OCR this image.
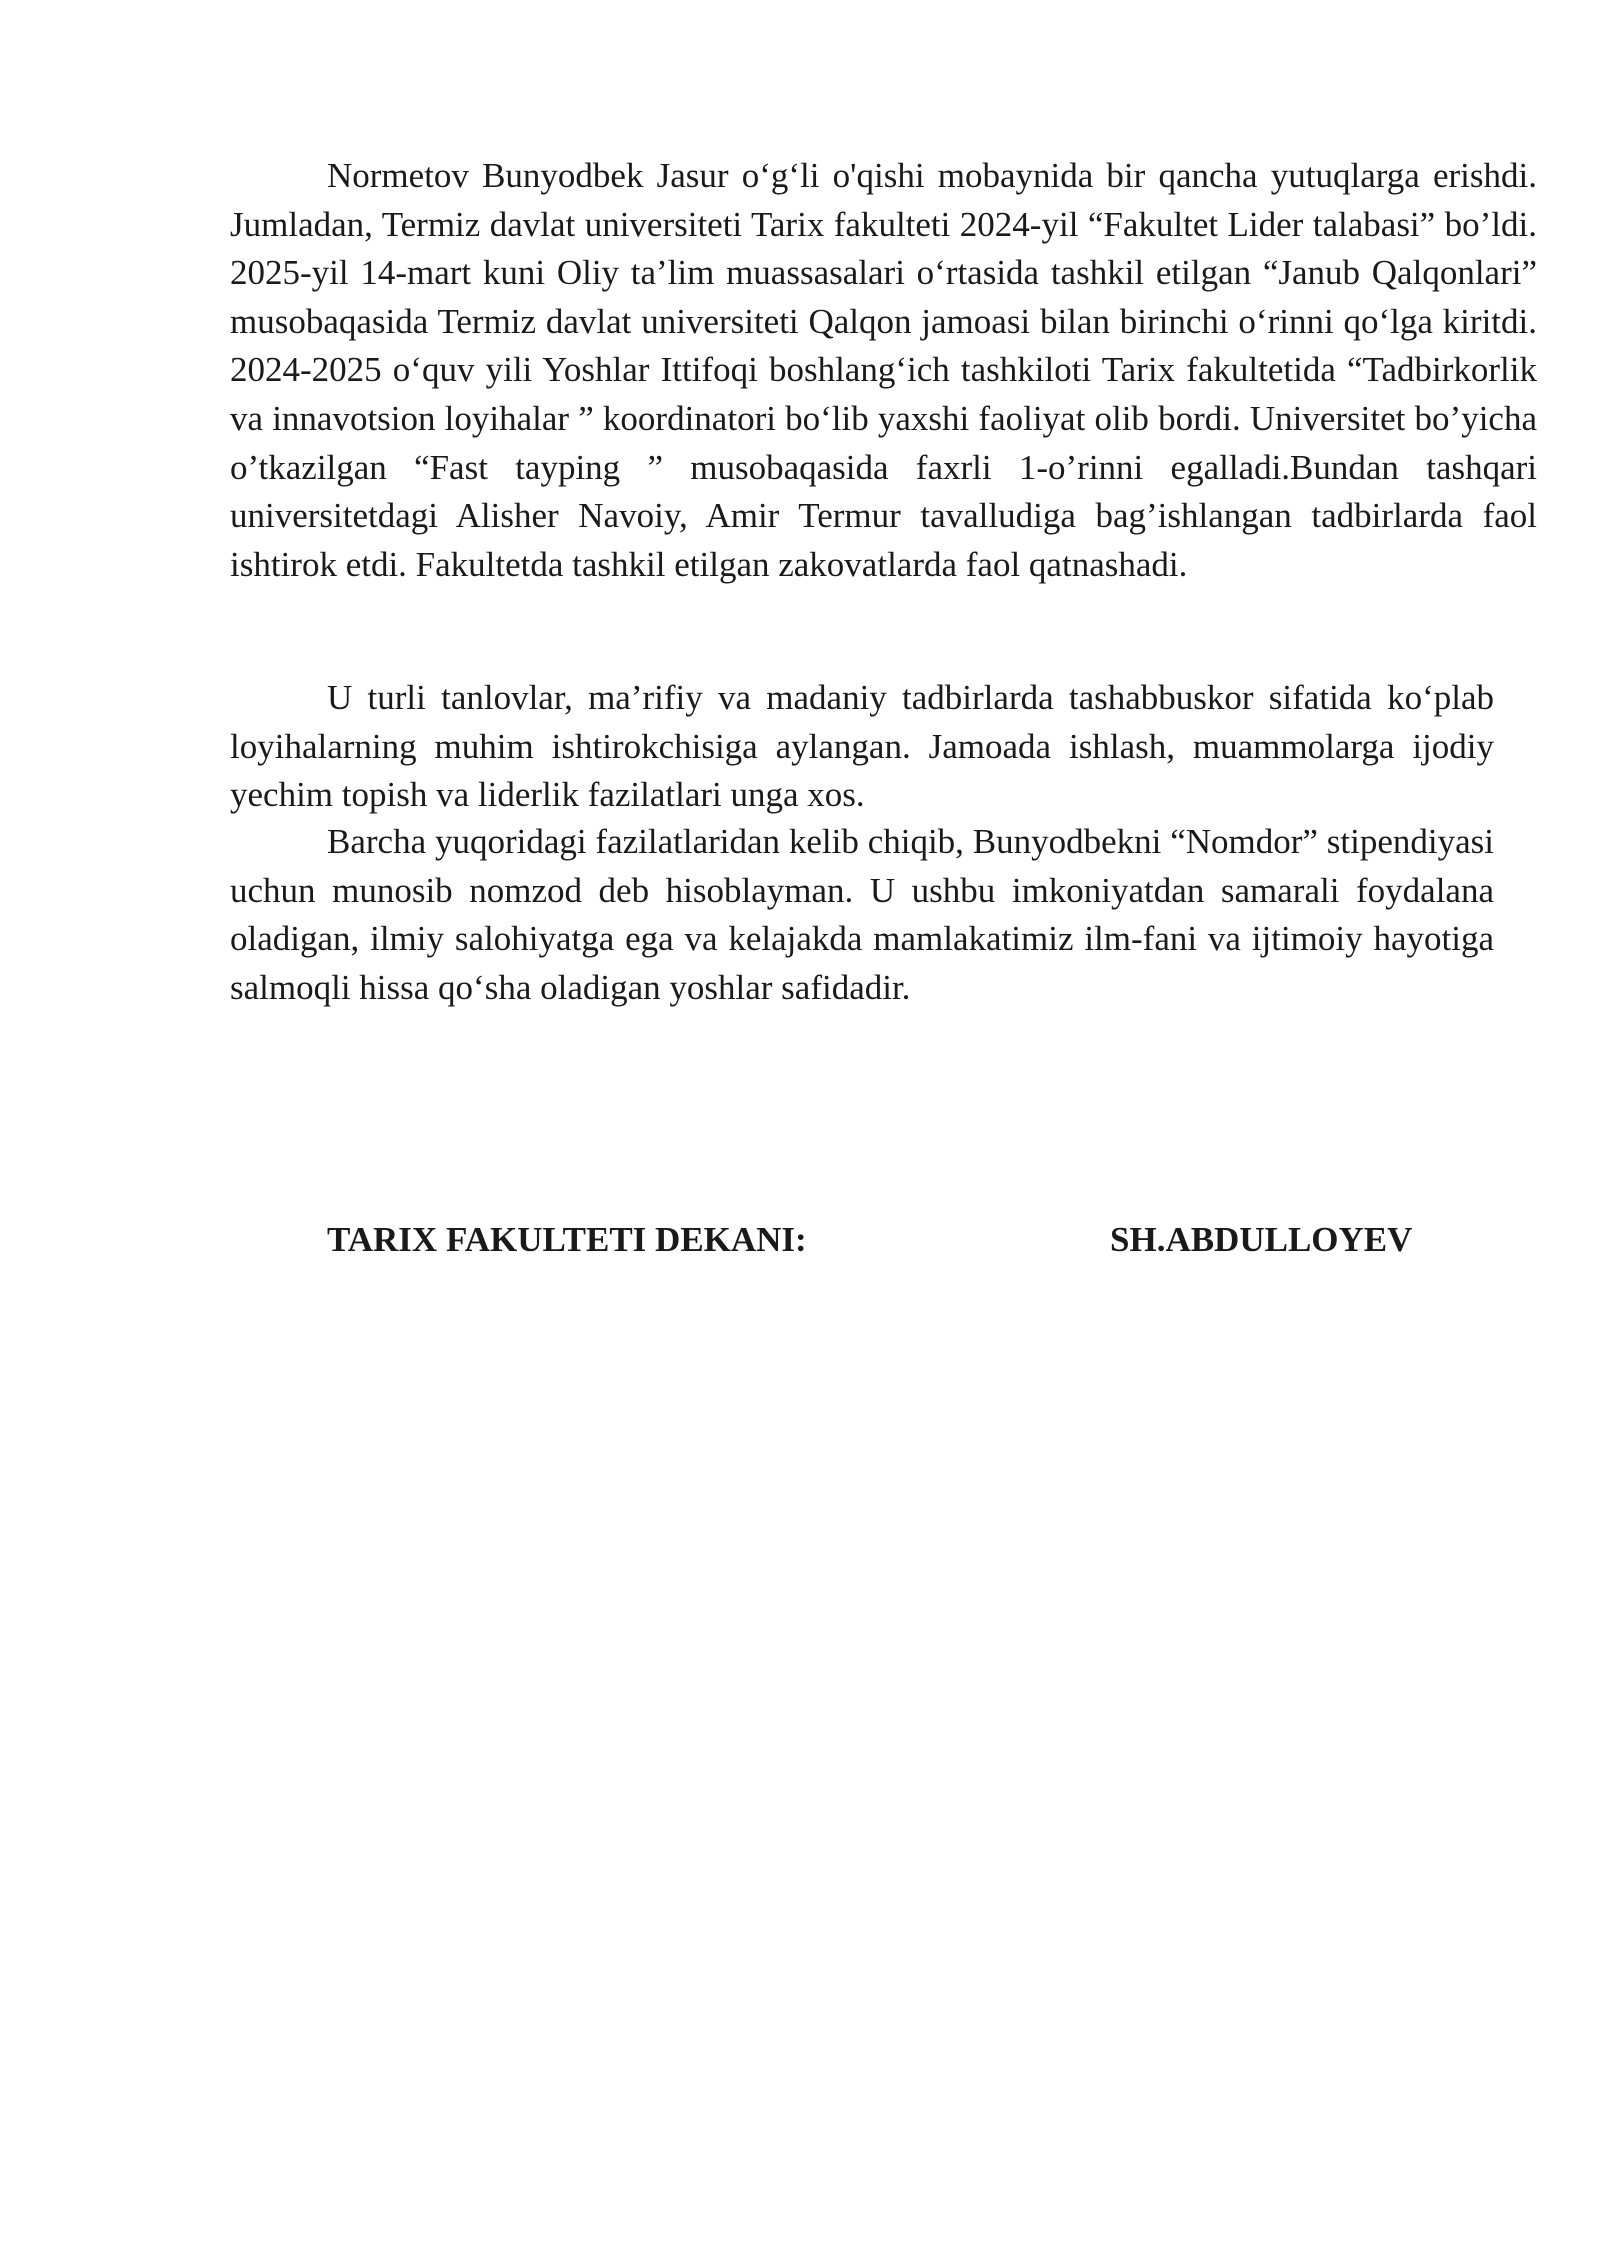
Normetov Bunyodbek Jasur o‘g‘li o'qishi mobaynida bir qancha yutuqlarga erishdi. Jumladan, Termiz davlat universiteti Tarix fakulteti 2024-yil “Fakultet Lider talabasi” bo’ldi. 2025-yil 14-mart kuni Oliy ta’lim muassasalari o‘rtasida tashkil etilgan “Janub Qalqonlari” musobaqasida Termiz davlat universiteti Qalqon jamoasi bilan birinchi o‘rinni qo‘lga kiritdi. 2024-2025 o‘quv yili Yoshlar Ittifoqi boshlang‘ich tashkiloti Tarix fakultetida “Tadbirkorlik va innavotsion loyihalar ” koordinatori bo‘lib yaxshi faoliyat olib bordi. Universitet bo’yicha o’tkazilgan “Fast tayping ” musobaqasida faxrli 1-o’rinni egalladi.Bundan tashqari universitetdagi Alisher Navoiy, Amir Termur tavalludiga bag’ishlangan tadbirlarda faol ishtirok etdi. Fakultetda tashkil etilgan zakovatlarda faol qatnashadi.

U turli tanlovlar, ma’rifiy va madaniy tadbirlarda tashabbuskor sifatida ko‘plab loyihalarning muhim ishtirokchisiga aylangan. Jamoada ishlash, muammolarga ijodiy yechim topish va liderlik fazilatlari unga xos.

Barcha yuqoridagi fazilatlaridan kelib chiqib, Bunyodbekni “Nomdor” stipendiyasi uchun munosib nomzod deb hisoblayman. U ushbu imkoniyatdan samarali foydalana oladigan, ilmiy salohiyatga ega va kelajakda mamlakatimiz ilm-fani va ijtimoiy hayotiga salmoqli hissa qo‘sha oladigan yoshlar safidadir.

TARIX FAKULTETI DEKANI:	SH.ABDULLOYEV
